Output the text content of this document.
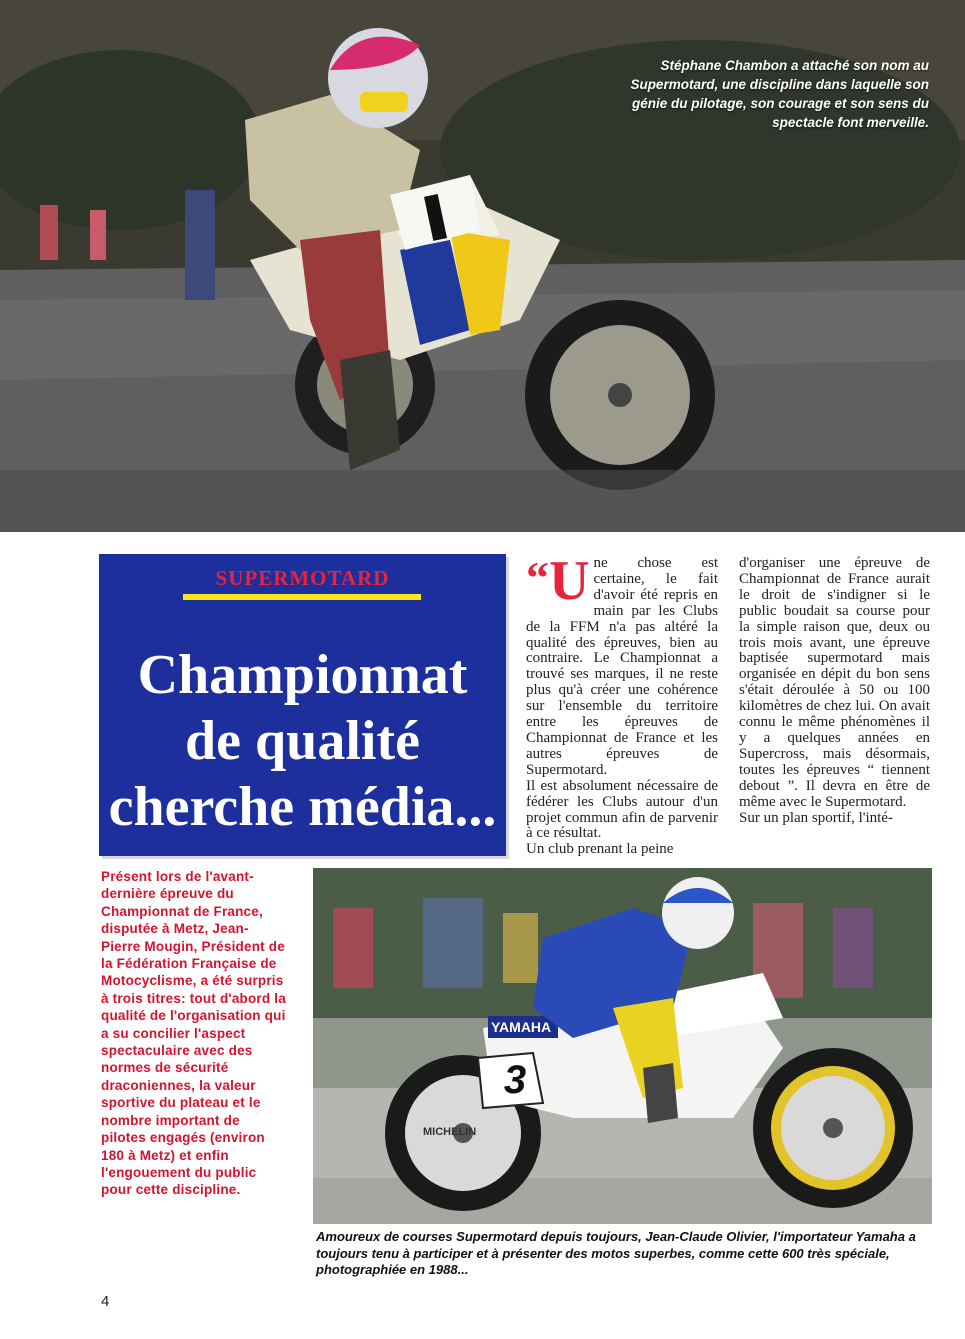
Stéphane Chambon a attaché son nom au Supermotard, une discipline dans laquelle son génie du pilotage, son courage et son sens du spectacle font merveille.
SUPERMOTARD
Championnat
de qualité
cherche média...

“ U ne chose est certaine, le fait d'avoir été repris en main par les Clubs de la FFM n'a pas altéré la qualité des épreuves, bien au contraire. Le Championnat a trouvé ses marques, il ne reste plus qu'à créer une cohérence sur l'ensemble du territoire entre les épreuves de Championnat de France et les autres épreuves de Supermotard.

Il est absolument nécessaire de fédérer les Clubs autour d'un projet commun afin de parvenir à ce résultat.

Un club prenant la peine

d'organiser une épreuve de Championnat de France aurait le droit de s'indigner si le public boudait sa course pour la simple raison que, deux ou trois mois avant, une épreuve baptisée supermotard mais organisée en dépit du bon sens s'était déroulée à 50 ou 100 kilomètres de chez lui. On avait connu le même phénomènes il y a quelques années en Supercross, mais désormais, toutes les épreuves “ tiennent debout ”. Il devra en être de même avec le Supermotard.

Sur un plan sportif, l'inté-

Présent lors de l'avant-dernière épreuve du Championnat de France, disputée à Metz, Jean-Pierre Mougin, Président de la Fédération Française de Motocyclisme, a été surpris à trois titres: tout d'abord la qualité de l'organisation qui a su concilier l'aspect spectaculaire avec des normes de sécurité draconiennes, la valeur sportive du plateau et le nombre important de pilotes engagés (environ 180 à Metz) et enfin l'engouement du public pour cette discipline.
3
YAMAHA
MICHELIN
Amoureux de courses Supermotard depuis toujours, Jean-Claude Olivier, l'importateur Yamaha a toujours tenu à participer et à présenter des motos superbes, comme cette 600 très spéciale, photographiée en 1988...
4
